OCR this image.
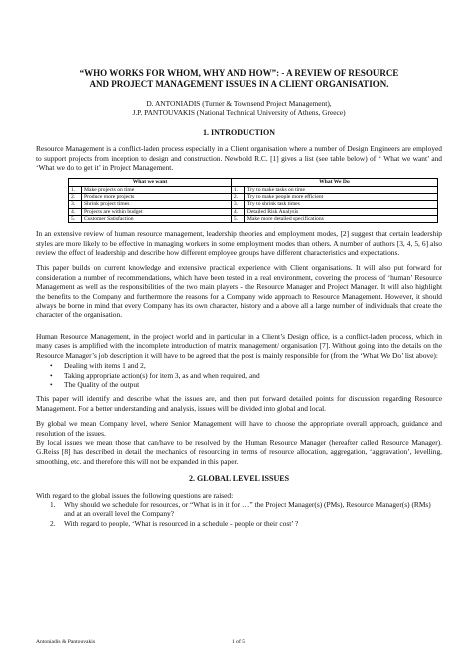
“WHO WORKS FOR WHOM, WHY AND HOW”: - A REVIEW OF RESOURCE
AND PROJECT MANAGEMENT ISSUES IN A CLIENT ORGANISATION.
D. ANTONIADIS (Turner & Townsend Project Management),
J.P. PANTOUVAKIS (National Technical University of Athens, Greece)
1. INTRODUCTION

Resource Management is a conflict-laden process especially in a Client organisation where a number of Design Engineers are employed to support projects from inception to design and construction. Newbold R.C. [1] gives a list (see table below) of ‘ What we want’ and ‘What we do to get it’ in Project Management.

What we want		What We Do	
1.	Make projects on time	1.	Try to make tasks on time
2.	Produce more projects	2.	Try to make people more efficient
3.	Shrink project times	3.	Try to shrink task times
4.	Projects are within budget	4.	Detailed Risk Analysis
5.	Customer Satisfaction	5.	Make more detailed specifications

In an extensive review of human resource management, leadership theories and employment modes, [2] suggest that certain leadership styles are more likely to be effective in managing workers in some employment modes than others. A number of authors [3, 4, 5, 6] also review the effect of leadership and describe how different employee groups have different characteristics and expectations.

This paper builds on current knowledge and extensive practical experience with Client organisations. It will also put forward for consideration a number of recommendations, which have been tested in a real environment, covering the process of ‘human’ Resource Management as well as the responsibilities of the two main players - the Resource Manager and Project Manager. It will also highlight the benefits to the Company and furthermore the reasons for a Company wide approach to Resource Management. However, it should always be borne in mind that every Company has its own character, history and a above all a large number of individuals that create the character of the organisation.

Human Resource Management, in the project world and in particular in a Client’s Design office, is a conflict-laden process, which in many cases is amplified with the incomplete introduction of matrix management/ organisation [7]. Without going into the details on the Resource Manager’s job description it will have to be agreed that the post is mainly responsible for (from the ‘What We Do’ list above):

• Dealing with items 1 and 2,
• Taking appropriate action(s) for item 3, as and when required, and
• The Quality of the output

This paper will identify and describe what the issues are, and then put forward detailed points for discussion regarding Resource Management. For a better understanding and analysis, issues will be divided into global and local.

By global we mean Company level, where Senior Management will have to choose the appropriate overall approach, guidance and resolution of the issues.

By local issues we mean those that can/have to be resolved by the Human Resource Manager (hereafter called Resource Manager). G.Reiss [8] has described in detail the mechanics of resourcing in terms of resource allocation, aggregation, ‘aggravation’, levelling, smoothing, etc. and therefore this will not be expanded in this paper.

2. GLOBAL LEVEL ISSUES

With regard to the global issues the following questions are raised:

1. Why should we schedule for resources, or “What is in it for …” the Project Manager(s) (PMs), Resource Manager(s) (RMs) and at an overall level the Company?
2. With regard to people, ‘What is resourced in a schedule - people or their cost’ ?
Antoniadis & Pantouvakis	1 of 5
